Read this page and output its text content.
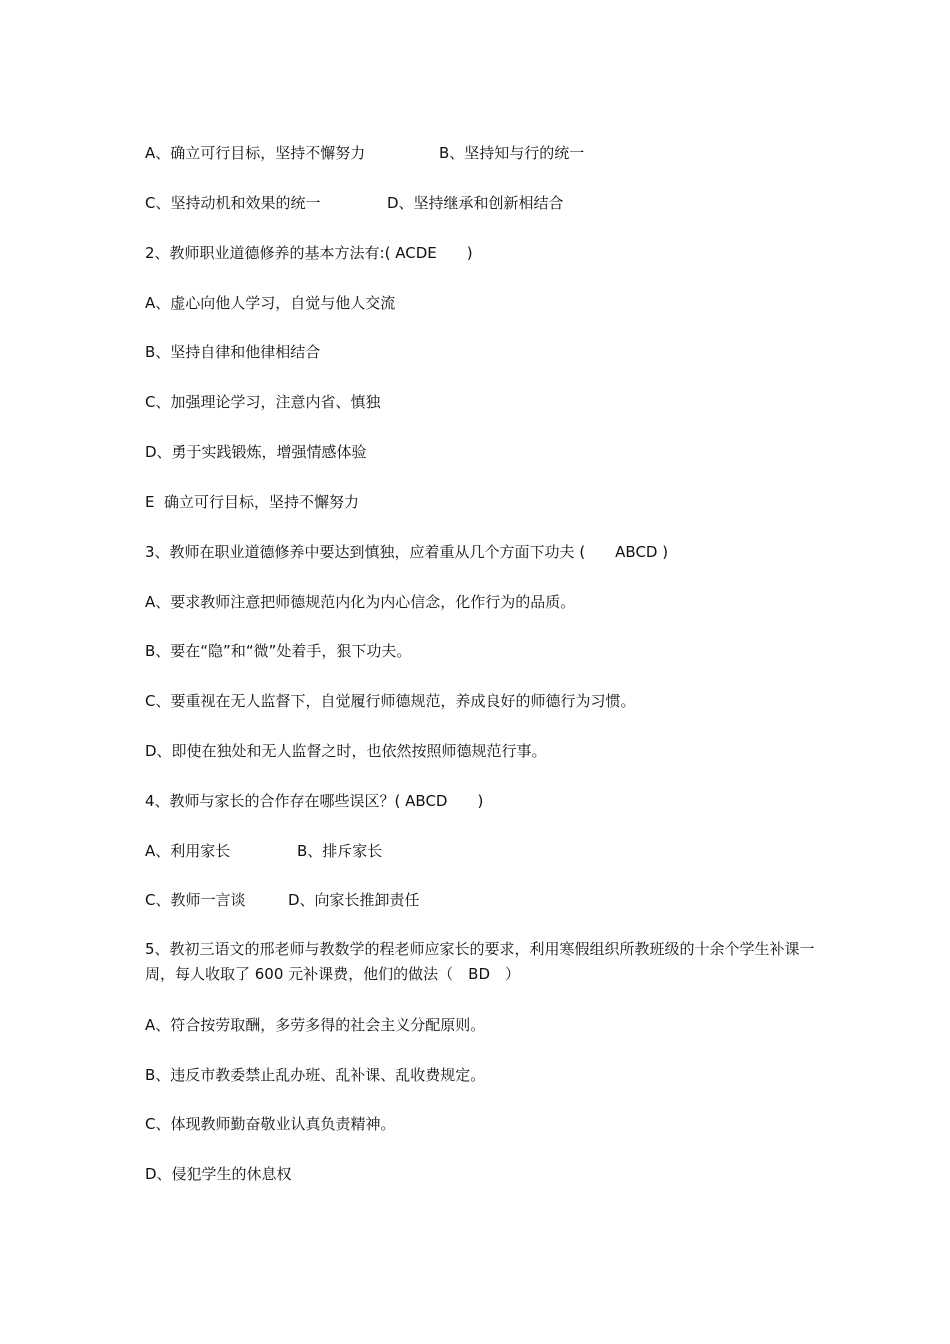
A、确立可行目标，坚持不懈努力	B、坚持知与行的统一
C、坚持动机和效果的统一	D、坚持继承和创新相结合
2、教师职业道德修养的基本方法有:( ACDE　　)
A、虚心向他人学习，自觉与他人交流
B、坚持自律和他律相结合
C、加强理论学习，注意内省、慎独
D、勇于实践锻炼，增强情感体验
E  确立可行目标，坚持不懈努力
3、教师在职业道德修养中要达到慎独，应着重从几个方面下功夫 (　　ABCD )
A、要求教师注意把师德规范内化为内心信念，化作行为的品质。
B、要在“隐”和“微”处着手，狠下功夫。
C、要重视在无人监督下，自觉履行师德规范，养成良好的师德行为习惯。
D、即使在独处和无人监督之时，也依然按照师德规范行事。
4、教师与家长的合作存在哪些误区？( ABCD　　)
A、利用家长	B、排斥家长
C、教师一言谈	D、向家长推卸责任
5、教初三语文的邢老师与教数学的程老师应家长的要求，利用寒假组织所教班级的十余个学生补课一周，每人收取了 600 元补课费，他们的做法（　BD　）
A、符合按劳取酬，多劳多得的社会主义分配原则。
B、违反市教委禁止乱办班、乱补课、乱收费规定。
C、体现教师勤奋敬业认真负责精神。
D、侵犯学生的休息权
